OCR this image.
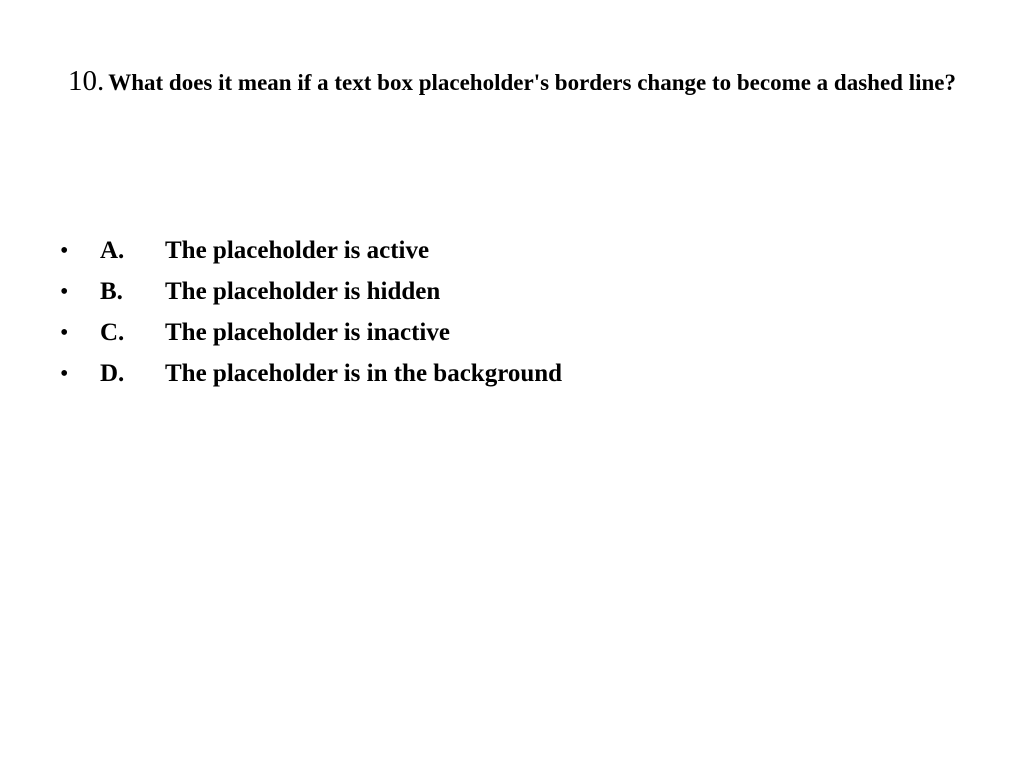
10. What does it mean if a text box placeholder's borders change to become a dashed line?
• A. The placeholder is active
• B. The placeholder is hidden
• C. The placeholder is inactive
• D. The placeholder is in the background
